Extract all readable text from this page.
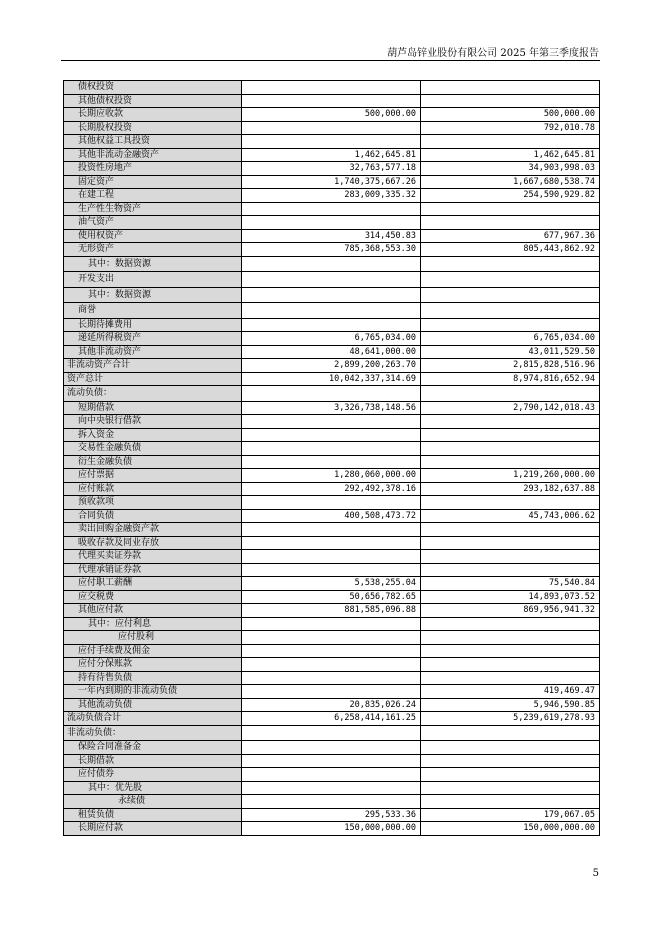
葫芦岛锌业股份有限公司 2025 年第三季度报告
债权投资		
其他债权投资		
长期应收款	500,000.00	500,000.00
长期股权投资		792,010.78
其他权益工具投资		
其他非流动金融资产	1,462,645.81	1,462,645.81
投资性房地产	32,763,577.18	34,903,998.03
固定资产	1,740,375,667.26	1,667,680,538.74
在建工程	283,009,335.32	254,590,929.82
生产性生物资产		
油气资产		
使用权资产	314,450.83	677,967.36
无形资产	785,368,553.30	805,443,862.92
其中：数据资源		
开发支出		
其中：数据资源		
商誉		
长期待摊费用		
递延所得税资产	6,765,034.00	6,765,034.00
其他非流动资产	48,641,000.00	43,011,529.50
非流动资产合计	2,899,200,263.70	2,815,828,516.96
资产总计	10,042,337,314.69	8,974,816,652.94
流动负债：		
短期借款	3,326,738,148.56	2,790,142,018.43
向中央银行借款		
拆入资金		
交易性金融负债		
衍生金融负债		
应付票据	1,280,060,000.00	1,219,260,000.00
应付账款	292,492,378.16	293,182,637.88
预收款项		
合同负债	400,508,473.72	45,743,006.62
卖出回购金融资产款		
吸收存款及同业存放		
代理买卖证券款		
代理承销证券款		
应付职工薪酬	5,538,255.04	75,540.84
应交税费	50,656,782.65	14,893,073.52
其他应付款	881,585,096.88	869,956,941.32
其中：应付利息		
应付股利		
应付手续费及佣金		
应付分保账款		
持有待售负债		
一年内到期的非流动负债		419,469.47
其他流动负债	20,835,026.24	5,946,590.85
流动负债合计	6,258,414,161.25	5,239,619,278.93
非流动负债：		
保险合同准备金		
长期借款		
应付债券		
其中：优先股		
永续债		
租赁负债	295,533.36	179,067.05
长期应付款	150,000,000.00	150,000,000.00
5
